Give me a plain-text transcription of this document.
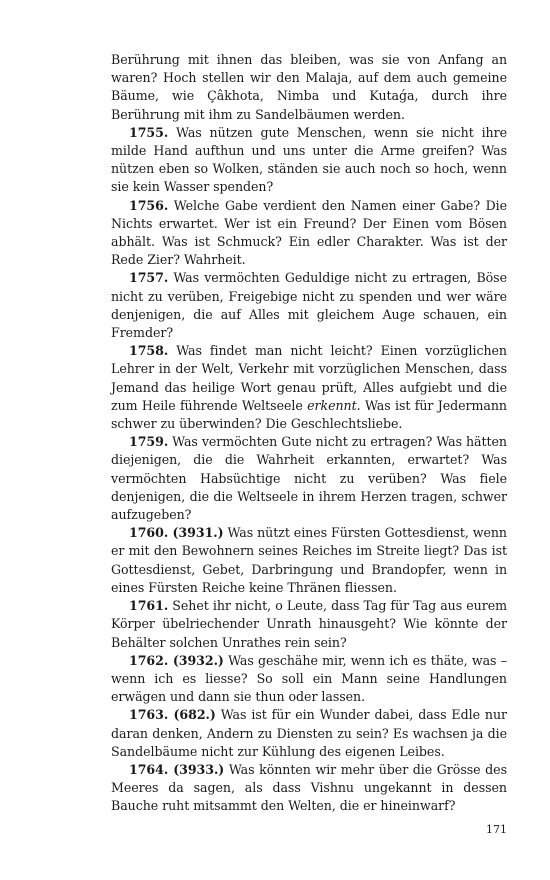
Berührung mit ihnen das bleiben, was sie von Anfang an waren? Hoch stellen wir den Malaja, auf dem auch gemeine Bäume, wie Çâkhota, Nimba und Kutaǵa, durch ihre Berührung mit ihm zu Sandelbäumen werden.

1755. Was nützen gute Menschen, wenn sie nicht ihre milde Hand aufthun und uns unter die Arme greifen? Was nützen eben so Wolken, ständen sie auch noch so hoch, wenn sie kein Wasser spenden?

1756. Welche Gabe verdient den Namen einer Gabe? Die Nichts erwartet. Wer ist ein Freund? Der Einen vom Bösen abhält. Was ist Schmuck? Ein edler Charakter. Was ist der Rede Zier? Wahrheit.

1757. Was vermöchten Geduldige nicht zu ertragen, Böse nicht zu verüben, Freigebige nicht zu spenden und wer wäre denjenigen, die auf Alles mit gleichem Auge schauen, ein Fremder?

1758. Was findet man nicht leicht? Einen vorzüglichen Lehrer in der Welt, Verkehr mit vorzüglichen Menschen, dass Jemand das heilige Wort genau prüft, Alles aufgiebt und die zum Heile führende Weltseele erkennt. Was ist für Jedermann schwer zu überwinden? Die Geschlechtsliebe.

1759. Was vermöchten Gute nicht zu ertragen? Was hätten diejenigen, die die Wahrheit erkannten, erwartet? Was vermöchten Habsüchtige nicht zu verüben? Was fiele denjenigen, die die Weltseele in ihrem Herzen tragen, schwer aufzugeben?

1760. (3931.) Was nützt eines Fürsten Gottesdienst, wenn er mit den Bewohnern seines Reiches im Streite liegt? Das ist Gottesdienst, Gebet, Darbringung und Brandopfer, wenn in eines Fürsten Reiche keine Thränen fliessen.

1761. Sehet ihr nicht, o Leute, dass Tag für Tag aus eurem Körper übelriechender Unrath hinausgeht? Wie könnte der Behälter solchen Unrathes rein sein?

1762. (3932.) Was geschähe mir, wenn ich es thäte, was – wenn ich es liesse? So soll ein Mann seine Handlungen erwägen und dann sie thun oder lassen.

1763. (682.) Was ist für ein Wunder dabei, dass Edle nur daran denken, Andern zu Diensten zu sein? Es wachsen ja die Sandelbäume nicht zur Kühlung des eigenen Leibes.

1764. (3933.) Was könnten wir mehr über die Grösse des Meeres da sagen, als dass Vishnu ungekannt in dessen Bauche ruht mitsammt den Welten, die er hineinwarf?

171
